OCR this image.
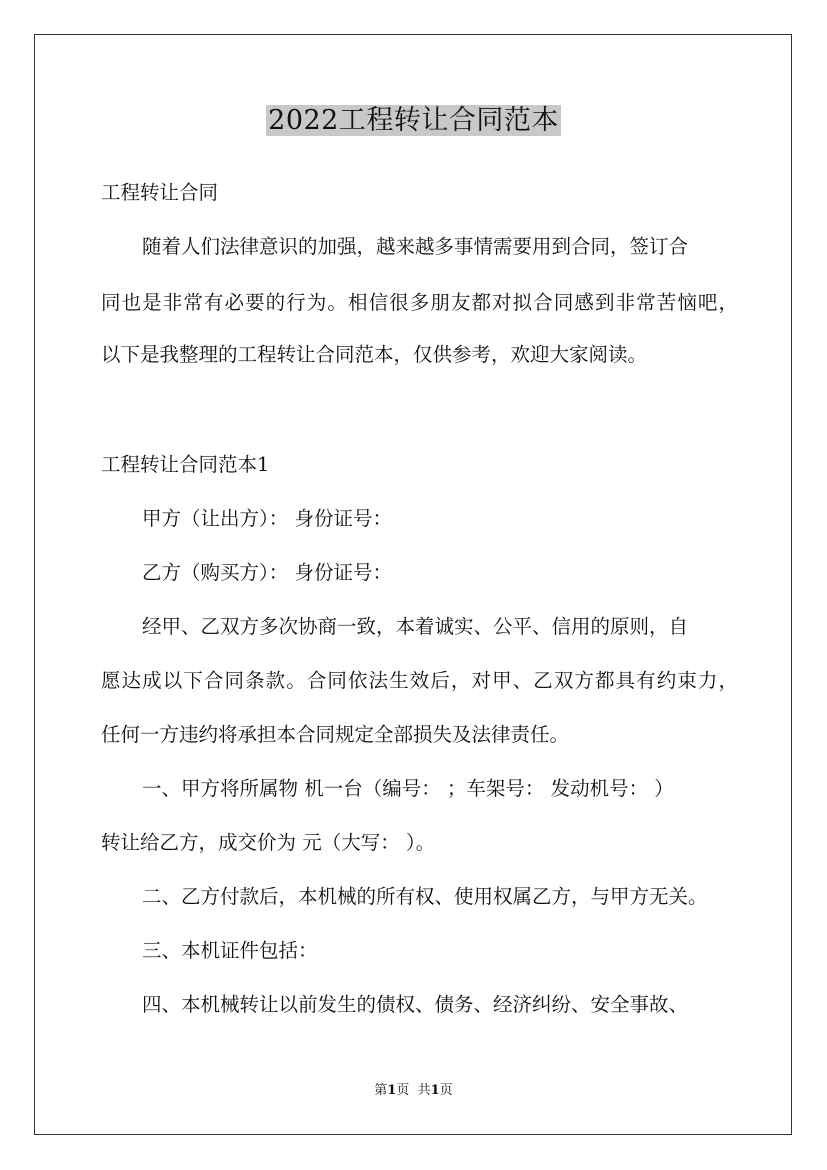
2022工程转让合同范本
工程转让合同
随着人们法律意识的加强，越来越多事情需要用到合同，签订合
同也是非常有必要的行为。相信很多朋友都对拟合同感到非常苦恼吧，
以下是我整理的工程转让合同范本，仅供参考，欢迎大家阅读。
工程转让合同范本1
甲方（让出方）： 身份证号：
乙方（购买方）： 身份证号：
经甲、乙双方多次协商一致，本着诚实、公平、信用的原则，自
愿达成以下合同条款。合同依法生效后，对甲、乙双方都具有约束力，
任何一方违约将承担本合同规定全部损失及法律责任。
一、甲方将所属物 机一台（编号： ；车架号： 发动机号： ）
转让给乙方，成交价为 元（大写： ）。
二、乙方付款后，本机械的所有权、使用权属乙方，与甲方无关。
三、本机证件包括：
四、本机械转让以前发生的债权、债务、经济纠纷、安全事故、
第1页 共1页
